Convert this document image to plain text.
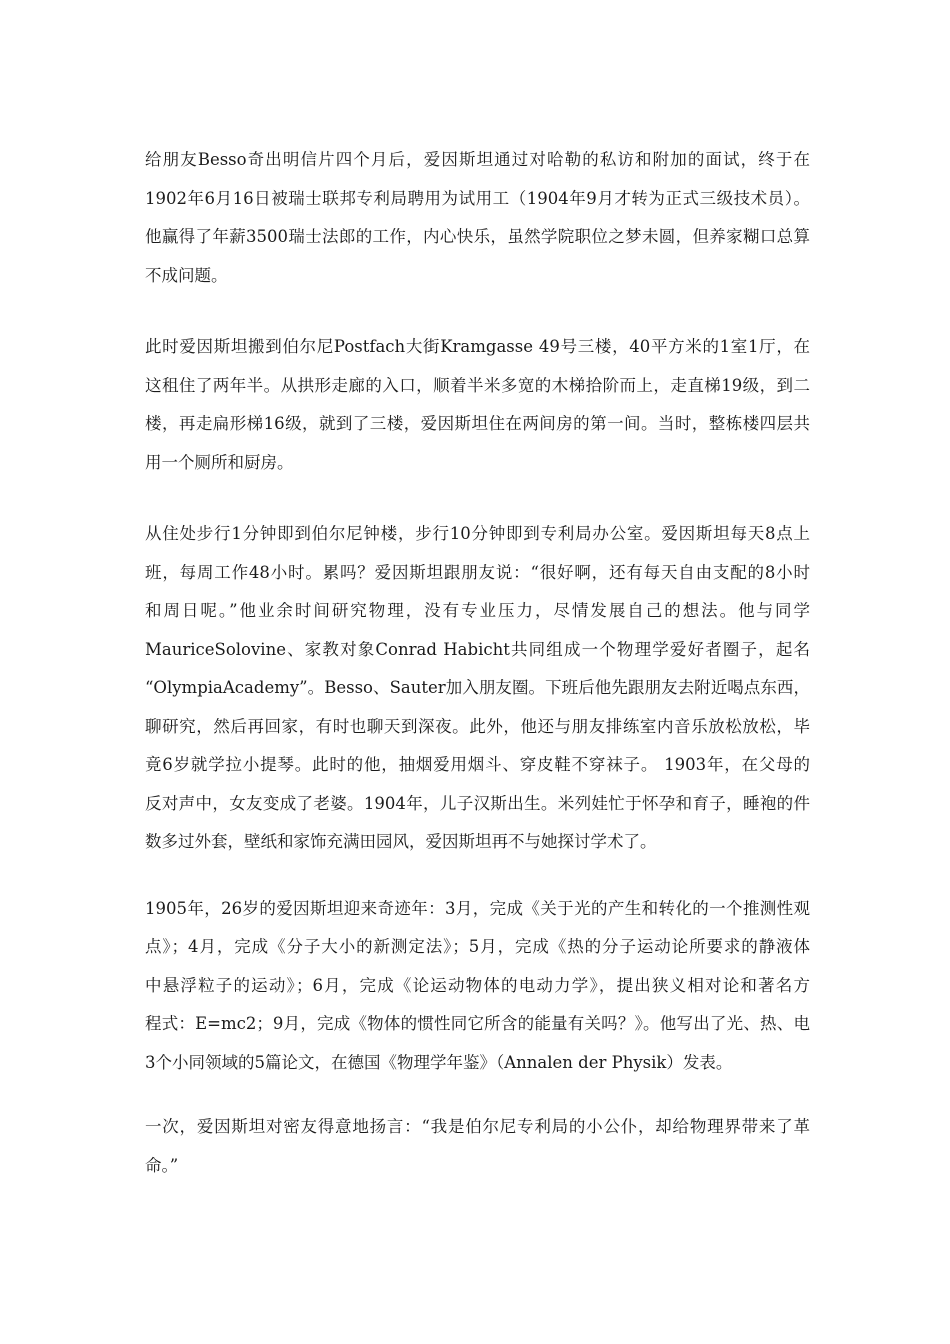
给朋友Besso奇出明信片四个月后，爱因斯坦通过对哈勒的私访和附加的面试，终于在
1902年6月16日被瑞士联邦专利局聘用为试用工（1904年9月才转为正式三级技术员）。
他赢得了年薪3500瑞士法郎的工作，内心快乐，虽然学院职位之梦未圆，但养家糊口总算
不成问题。

此时爱因斯坦搬到伯尔尼Postfach大街Kramgasse 49号三楼，40平方米的1室1厅，在
这租住了两年半。从拱形走廊的入口，顺着半米多宽的木梯拾阶而上，走直梯19级，到二
楼，再走扁形梯16级，就到了三楼，爱因斯坦住在两间房的第一间。当时，整栋楼四层共
用一个厕所和厨房。

从住处步行1分钟即到伯尔尼钟楼，步行10分钟即到专利局办公室。爱因斯坦每天8点上
班，每周工作48小时。累吗？爱因斯坦跟朋友说：“很好啊，还有每天自由支配的8小时
和周日呢。”他业余时间研究物理，没有专业压力，尽情发展自己的想法。他与同学
MauriceSolovine、家教对象Conrad Habicht共同组成一个物理学爱好者圈子，起名
“OlympiaAcademy”。Besso、Sauter加入朋友圈。下班后他先跟朋友去附近喝点东西，
聊研究，然后再回家，有时也聊天到深夜。此外，他还与朋友排练室内音乐放松放松，毕
竟6岁就学拉小提琴。此时的他，抽烟爱用烟斗、穿皮鞋不穿袜子。 1903年，在父母的
反对声中，女友变成了老婆。1904年，儿子汉斯出生。米列娃忙于怀孕和育子，睡袍的件
数多过外套，壁纸和家饰充满田园风，爱因斯坦再不与她探讨学术了。

1905年，26岁的爱因斯坦迎来奇迹年：3月，完成《关于光的产生和转化的一个推测性观
点》；4月，完成《分子大小的新测定法》；5月，完成《热的分子运动论所要求的静液体
中悬浮粒子的运动》；6月，完成《论运动物体的电动力学》，提出狭义相对论和著名方
程式：E=mc2；9月，完成《物体的惯性同它所含的能量有关吗？》。他写出了光、热、电
3个小同领域的5篇论文，在德国《物理学年鉴》（Annalen der Physik）发表。

一次，爱因斯坦对密友得意地扬言：“我是伯尔尼专利局的小公仆，却给物理界带来了革
命。”
